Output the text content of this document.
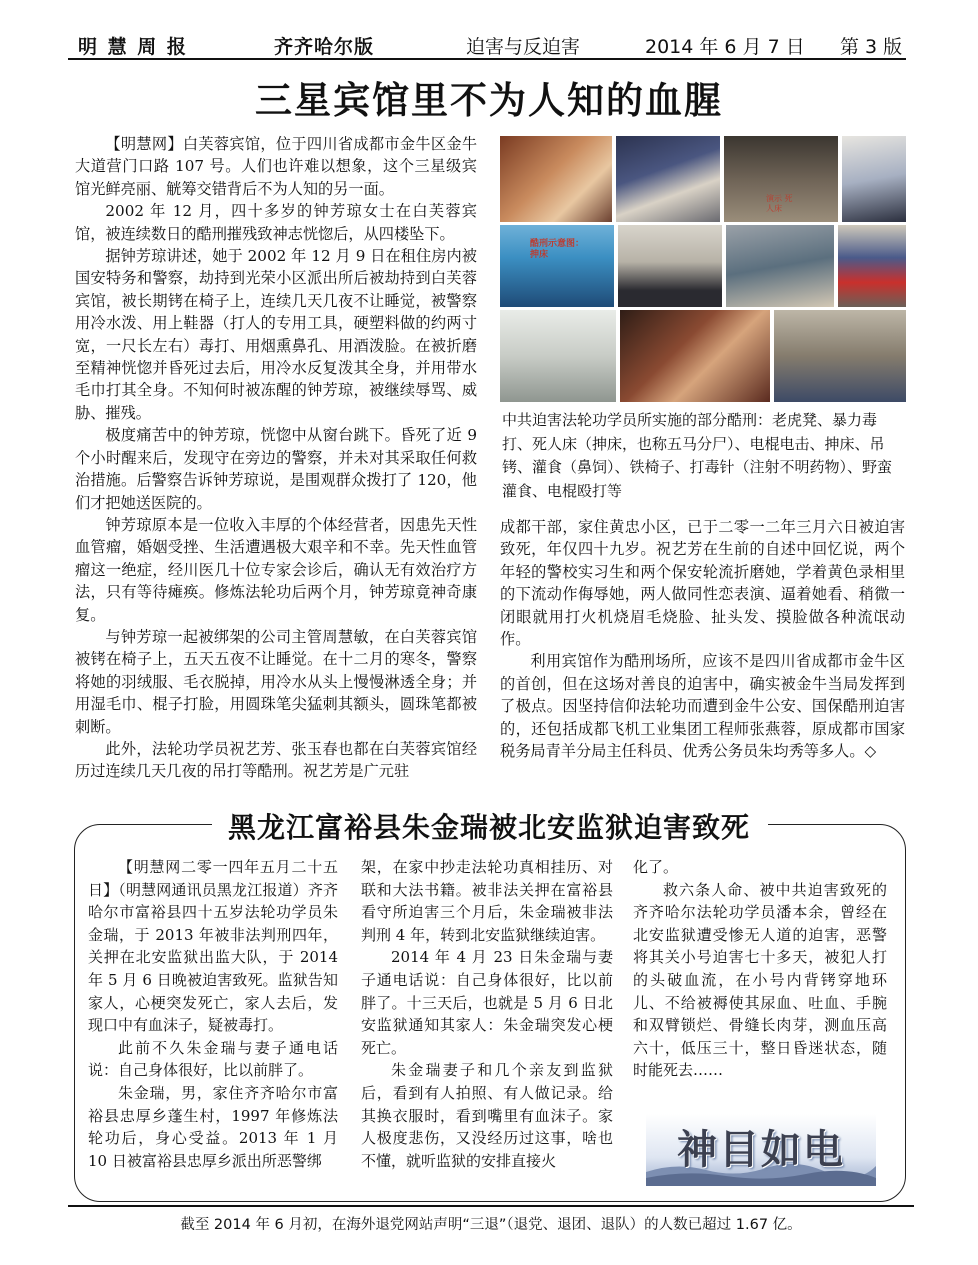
明 慧 周 报	齐齐哈尔版	迫害与反迫害	2014 年 6 月 7 日 第 3 版
三星宾馆里不为人知的血腥

【明慧网】白芙蓉宾馆，位于四川省成都市金牛区金牛大道营门口路 107 号。人们也许难以想象，这个三星级宾馆光鲜亮丽、觥筹交错背后不为人知的另一面。

2002 年 12 月，四十多岁的钟芳琼女士在白芙蓉宾馆，被连续数日的酷刑摧残致神志恍惚后，从四楼坠下。

据钟芳琼讲述，她于 2002 年 12 月 9 日在租住房内被国安特务和警察，劫持到光荣小区派出所后被劫持到白芙蓉宾馆，被长期铐在椅子上，连续几天几夜不让睡觉，被警察用冷水泼、用上鞋器（打人的专用工具，硬塑料做的约两寸宽，一尺长左右）毒打、用烟熏鼻孔、用酒泼脸。在被折磨至精神恍惚并昏死过去后，用冷水反复泼其全身，并用带水毛巾打其全身。不知何时被冻醒的钟芳琼，被继续辱骂、威胁、摧残。

极度痛苦中的钟芳琼，恍惚中从窗台跳下。昏死了近 9 个小时醒来后，发现守在旁边的警察，并未对其采取任何救治措施。后警察告诉钟芳琼说，是围观群众拨打了 120，他们才把她送医院的。

钟芳琼原本是一位收入丰厚的个体经营者，因患先天性血管瘤，婚姻受挫、生活遭遇极大艰辛和不幸。先天性血管瘤这一绝症，经川医几十位专家会诊后，确认无有效治疗方法，只有等待瘫痪。修炼法轮功后两个月，钟芳琼竟神奇康复。

与钟芳琼一起被绑架的公司主管周慧敏，在白芙蓉宾馆被铐在椅子上，五天五夜不让睡觉。在十二月的寒冬，警察将她的羽绒服、毛衣脱掉，用冷水从头上慢慢淋透全身；并用湿毛巾、棍子打脸，用圆珠笔尖猛刺其额头，圆珠笔都被刺断。

此外，法轮功学员祝艺芳、张玉春也都在白芙蓉宾馆经历过连续几天几夜的吊打等酷刑。祝艺芳是广元驻

演示 死人床
酷刑示意图：抻床
中共迫害法轮功学员所实施的部分酷刑：老虎凳、暴力毒打、死人床（抻床，也称五马分尸）、电棍电击、抻床、吊铐、灌食（鼻饲）、铁椅子、打毒针（注射不明药物）、野蛮灌食、电棍殴打等

成都干部，家住黄忠小区，已于二零一二年三月六日被迫害致死，年仅四十九岁。祝艺芳在生前的自述中回忆说，两个年轻的警校实习生和两个保安轮流折磨她，学着黄色录相里的下流动作侮辱她，两人做同性恋表演、逼着她看、稍微一闭眼就用打火机烧眉毛烧脸、扯头发、摸脸做各种流氓动作。

利用宾馆作为酷刑场所，应该不是四川省成都市金牛区的首创，但在这场对善良的迫害中，确实被金牛当局发挥到了极点。因坚持信仰法轮功而遭到金牛公安、国保酷刑迫害的，还包括成都飞机工业集团工程师张燕蓉，原成都市国家税务局青羊分局主任科员、优秀公务员朱均秀等多人。◇

黑龙江富裕县朱金瑞被北安监狱迫害致死

【明慧网二零一四年五月二十五日】（明慧网通讯员黑龙江报道）齐齐哈尔市富裕县四十五岁法轮功学员朱金瑞，于 2013 年被非法判刑四年，关押在北安监狱出监大队，于 2014 年 5 月 6 日晚被迫害致死。监狱告知家人，心梗突发死亡，家人去后，发现口中有血沫子，疑被毒打。

此前不久朱金瑞与妻子通电话说：自己身体很好，比以前胖了。

朱金瑞，男，家住齐齐哈尔市富裕县忠厚乡蓬生村，1997 年修炼法轮功后，身心受益。2013 年 1 月 10 日被富裕县忠厚乡派出所恶警绑

架，在家中抄走法轮功真相挂历、对联和大法书籍。被非法关押在富裕县看守所迫害三个月后，朱金瑞被非法判刑 4 年，转到北安监狱继续迫害。

2014 年 4 月 23 日朱金瑞与妻子通电话说：自己身体很好，比以前胖了。十三天后，也就是 5 月 6 日北安监狱通知其家人：朱金瑞突发心梗死亡。

朱金瑞妻子和几个亲友到监狱后，看到有人拍照、有人做记录。给其换衣服时，看到嘴里有血沫子。家人极度悲伤，又没经历过这事，啥也不懂，就听监狱的安排直接火

化了。

救六条人命、被中共迫害致死的齐齐哈尔法轮功学员潘本余，曾经在北安监狱遭受惨无人道的迫害，恶警将其关小号迫害七十多天，被犯人打的头破血流，在小号内背铐穿地环儿、不给被褥使其尿血、吐血、手腕和双臂锁烂、骨缝长肉芽，测血压高六十，低压三十，整日昏迷状态，随时能死去……

神目如电
截至 2014 年 6 月初，在海外退党网站声明“三退”（退党、退团、退队）的人数已超过 1.67 亿。
